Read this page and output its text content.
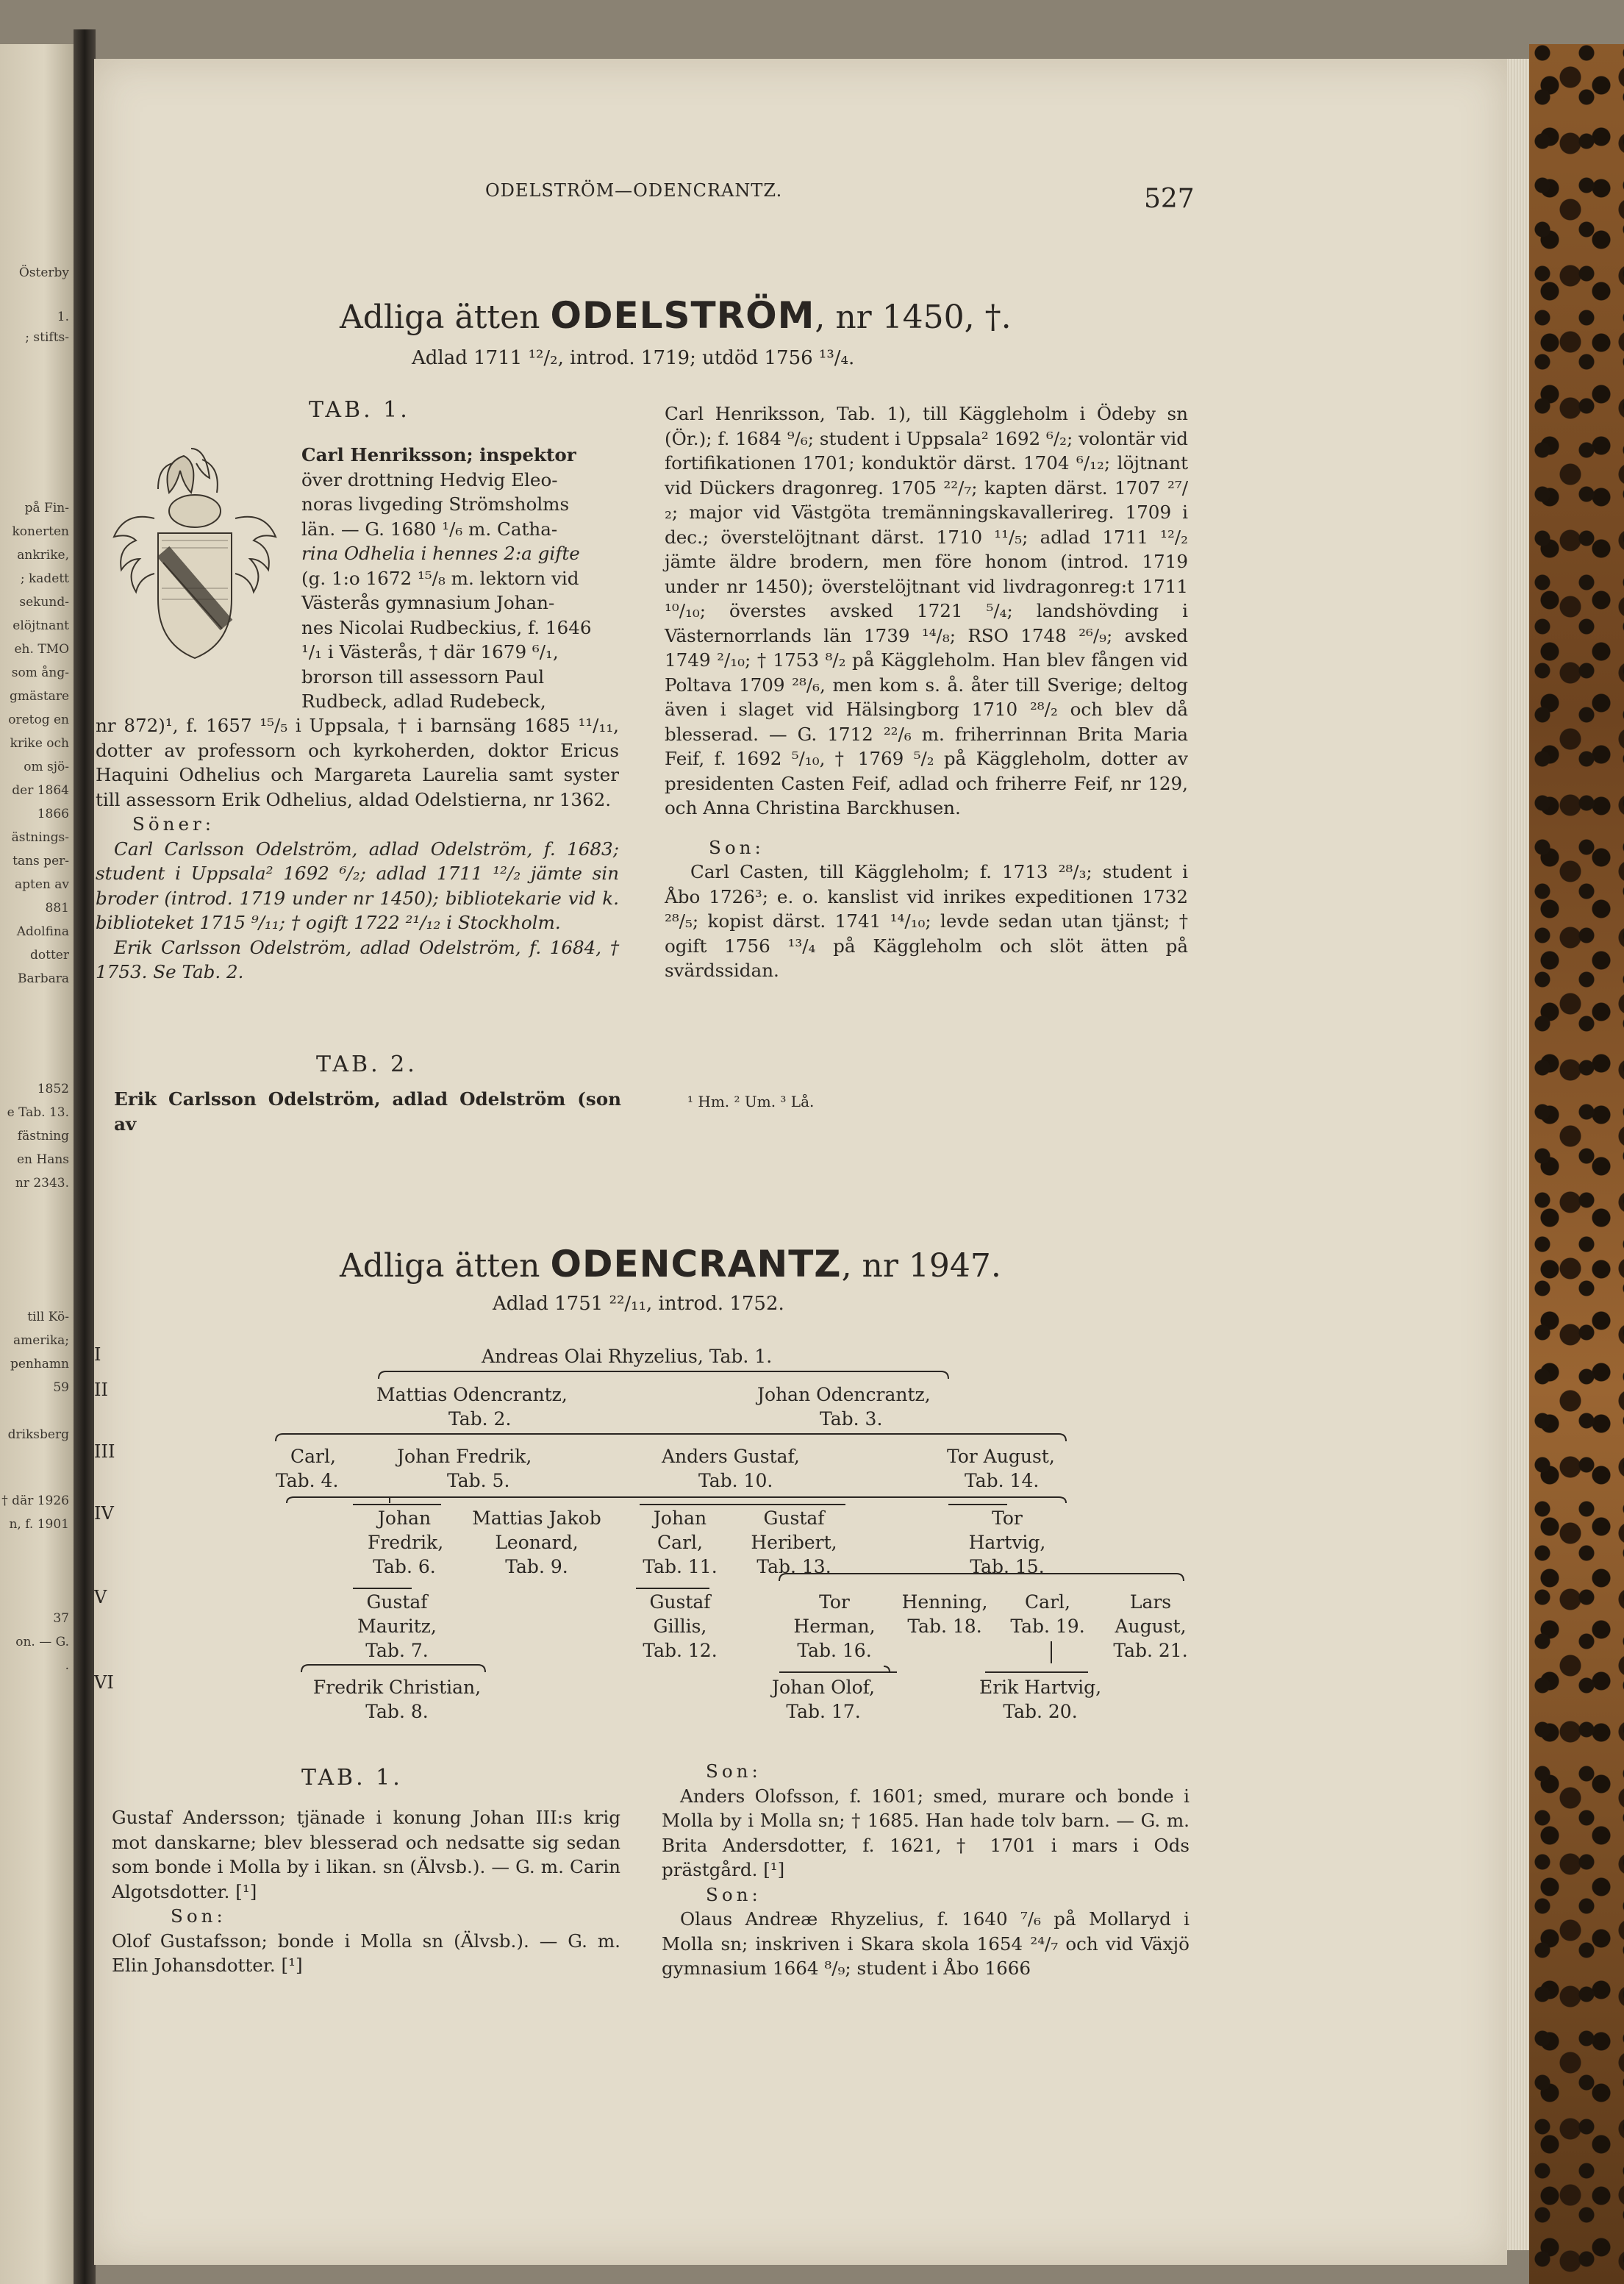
Österby
1.
; stifts-
på Fin-
konerten
ankrike,
; kadett
sekund-
elöjtnant
eh. TMO
som ång-
gmästare
oretog en
krike och
om sjö-
der 1864
1866
ästnings-
tans per-
apten av
881
Adolfina
dotter
Barbara
1852
e Tab. 13.
fästning
en Hans
nr 2343.
till Kö-
amerika;
penhamn
59
driksberg
† där 1926
n, f. 1901
37
on. — G.
.
ODELSTRÖM—ODENCRANTZ.	527
Adliga ätten ODELSTRÖM, nr 1450, †.
Adlad 1711 ¹²/₂, introd. 1719; utdöd 1756 ¹³/₄.
TAB. 1.
Carl Henriksson; inspektor
över drottning Hedvig Eleo-
noras livgeding Strömsholms
län. — G. 1680 ¹/₆ m. Catha-
rina Odhelia i hennes 2:a gifte
(g. 1:o 1672 ¹⁵/₈ m. lektorn vid
Västerås gymnasium Johan-
nes Nicolai Rudbeckius, f. 1646
¹/₁ i Västerås, † där 1679 ⁶/₁,
brorson till assessorn Paul
Rudbeck, adlad Rudebeck,

nr 872)¹, f. 1657 ¹⁵/₅ i Uppsala, † i barnsäng 1685 ¹¹/₁₁, dotter av professorn och kyrkoherden, doktor Ericus Haquini Odhelius och Margareta Laurelia samt syster till assessorn Erik Odhelius, aldad Odelstierna, nr 1362.

Söner:

Carl Carlsson Odelström, adlad Odelström, f. 1683; student i Uppsala² 1692 ⁶/₂; adlad 1711 ¹²/₂ jämte sin broder (introd. 1719 under nr 1450); bibliotekarie vid k. biblioteket 1715 ⁹/₁₁; † ogift 1722 ²¹/₁₂ i Stockholm.

Erik Carlsson Odelström, adlad Odelström, f. 1684, † 1753. Se Tab. 2.

TAB. 2.
Erik Carlsson Odelström, adlad Odelström (son av

Carl Henriksson, Tab. 1), till Käggleholm i Ödeby sn (Ör.); f. 1684 ⁹/₆; student i Uppsala² 1692 ⁶/₂; volontär vid fortifikationen 1701; konduktör därst. 1704 ⁶/₁₂; löjtnant vid Dückers dragonreg. 1705 ²²/₇; kapten därst. 1707 ²⁷/₂; major vid Västgöta tremänningskavallerireg. 1709 i dec.; överstelöjtnant därst. 1710 ¹¹/₅; adlad 1711 ¹²/₂ jämte äldre brodern, men före honom (introd. 1719 under nr 1450); överstelöjtnant vid livdragonreg:t 1711 ¹⁰/₁₀; överstes avsked 1721 ⁵/₄; landshövding i Västernorrlands län 1739 ¹⁴/₈; RSO 1748 ²⁶/₉; avsked 1749 ²/₁₀; † 1753 ⁸/₂ på Käggleholm. Han blev fången vid Poltava 1709 ²⁸/₆, men kom s. å. åter till Sverige; deltog även i slaget vid Hälsingborg 1710 ²⁸/₂ och blev då blesserad. — G. 1712 ²²/₆ m. friherrinnan Brita Maria Feif, f. 1692 ⁵/₁₀, † 1769 ⁵/₂ på Käggleholm, dotter av presidenten Casten Feif, adlad och friherre Feif, nr 129, och Anna Christina Barckhusen.

Son:

Carl Casten, till Käggleholm; f. 1713 ²⁸/₃; student i Åbo 1726³; e. o. kanslist vid inrikes expeditionen 1732 ²⁸/₅; kopist därst. 1741 ¹⁴/₁₀; levde sedan utan tjänst; † ogift 1756 ¹³/₄ på Käggleholm och slöt ätten på svärdssidan.

¹ Hm. ² Um. ³ Lå.
Adliga ätten ODENCRANTZ, nr 1947.
Adlad 1751 ²²/₁₁, introd. 1752.
I
II
III
IV
V
VI
Andreas Olai Rhyzelius, Tab. 1.
Mattias Odencrantz,
Tab. 2.
Johan Odencrantz,
Tab. 3.
Carl,
Tab. 4.
Johan Fredrik,
Tab. 5.
Anders Gustaf,
Tab. 10.
Tor August,
Tab. 14.
Johan
Fredrik,
Tab. 6.
Mattias Jakob
Leonard,
Tab. 9.
Johan
Carl,
Tab. 11.
Gustaf
Heribert,
Tab. 13.
Tor
Hartvig,
Tab. 15.
Gustaf
Mauritz,
Tab. 7.
Gustaf
Gillis,
Tab. 12.
Tor
Herman,
Tab. 16.
Henning,
Tab. 18.
Carl,
Tab. 19.
Lars
August,
Tab. 21.
Fredrik Christian,
Tab. 8.
Johan Olof,
Tab. 17.
Erik Hartvig,
Tab. 20.
TAB. 1.

Gustaf Andersson; tjänade i konung Johan III:s krig mot danskarne; blev blesserad och nedsatte sig sedan som bonde i Molla by i likan. sn (Älvsb.). — G. m. Carin Algotsdotter. [¹]

Son:

Olof Gustafsson; bonde i Molla sn (Älvsb.). — G. m. Elin Johansdotter. [¹]

Son:

Anders Olofsson, f. 1601; smed, murare och bonde i Molla by i Molla sn; † 1685. Han hade tolv barn. — G. m. Brita Andersdotter, f. 1621, † 1701 i mars i Ods prästgård. [¹]

Son:

Olaus Andreæ Rhyzelius, f. 1640 ⁷/₆ på Mollaryd i Molla sn; inskriven i Skara skola 1654 ²⁴/₇ och vid Växjö gymnasium 1664 ⁸/₉; student i Åbo 1666
